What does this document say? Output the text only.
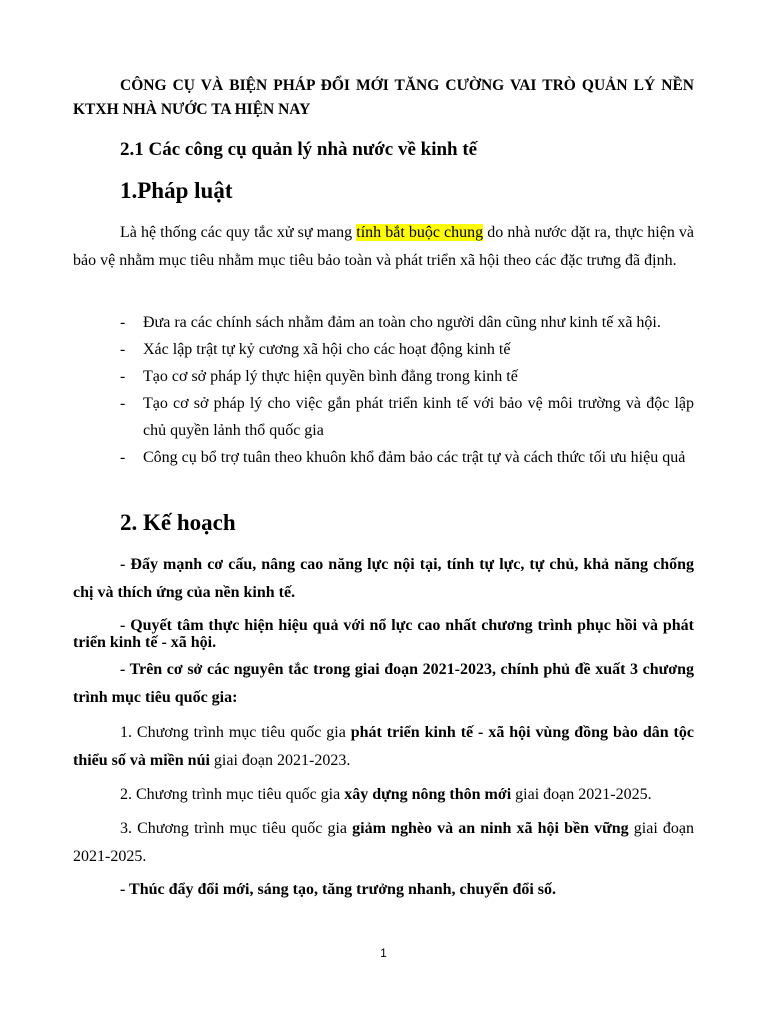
CÔNG CỤ VÀ BIỆN PHÁP ĐỔI MỚI TĂNG CƯỜNG VAI TRÒ QUẢN LÝ NỀN KTXH NHÀ NƯỚC TA HIỆN NAY

2.1 Các công cụ quản lý nhà nước về kinh tế

1.Pháp luật

Là hệ thống các quy tắc xử sự mang tính bắt buộc chung do nhà nước dặt ra, thực hiện và bảo vệ nhằm mục tiêu nhằm mục tiêu bảo toàn và phát triển xã hội theo các đặc trưng đã định.

- Đưa ra các chính sách nhằm đảm an toàn cho người dân cũng như kinh tế xã hội.
- Xác lập trật tự kỷ cương xã hội cho các hoạt động kinh tế
- Tạo cơ sở pháp lý thực hiện quyền bình đẳng trong kinh tế
- Tạo cơ sở pháp lý cho việc gắn phát triển kinh tế với bảo vệ môi trường và độc lập chủ quyền lảnh thổ quốc gia
- Công cụ bổ trợ tuân theo khuôn khổ đảm bảo các trật tự và cách thức tối ưu hiệu quả

2. Kế hoạch

- Đẩy mạnh cơ cấu, nâng cao năng lực nội tại, tính tự lực, tự chủ, khả năng chống chị và thích ứng của nền kinh tế.

- Quyết tâm thực hiện hiệu quả với nổ lực cao nhất chương trình phục hồi và phát triển kinh tế - xã hội.

- Trên cơ sở các nguyên tắc trong giai đoạn 2021-2023, chính phủ đề xuất 3 chương trình mục tiêu quốc gia:

1. Chương trình mục tiêu quốc gia phát triển kinh tế - xã hội vùng đồng bào dân tộc thiểu số và miền núi giai đoạn 2021-2023.

2. Chương trình mục tiêu quốc gia xây dựng nông thôn mới giai đoạn 2021-2025.

3. Chương trình mục tiêu quốc gia giảm nghèo và an ninh xã hội bền vững giai đoạn 2021-2025.

- Thúc đẩy đổi mới, sáng tạo, tăng trưởng nhanh, chuyển đổi số.

1
